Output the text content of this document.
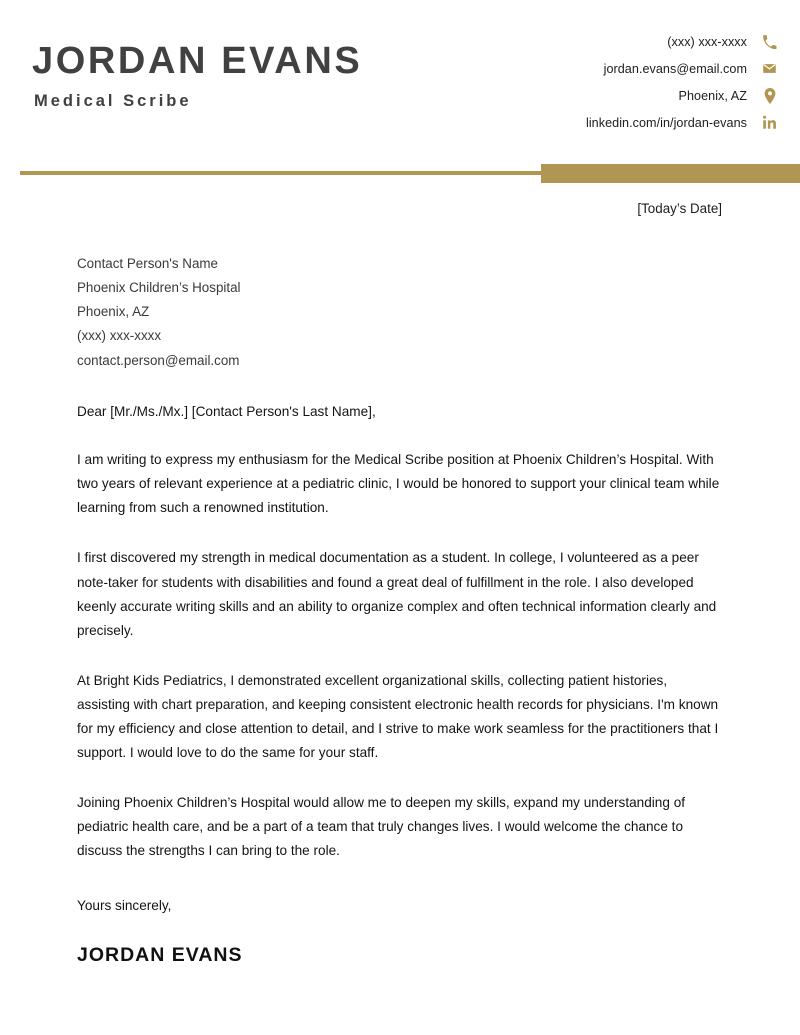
JORDAN EVANS
Medical Scribe
(xxx) xxx-xxxx
jordan.evans@email.com
Phoenix, AZ
linkedin.com/in/jordan-evans
[Today’s Date]
Contact Person's Name
Phoenix Children’s Hospital
Phoenix, AZ
(xxx) xxx-xxxx
contact.person@email.com
Dear [Mr./Ms./Mx.] [Contact Person's Last Name],

I am writing to express my enthusiasm for the Medical Scribe position at Phoenix Children’s Hospital. With two years of relevant experience at a pediatric clinic, I would be honored to support your clinical team while learning from such a renowned institution.

I first discovered my strength in medical documentation as a student. In college, I volunteered as a peer note-taker for students with disabilities and found a great deal of fulfillment in the role. I also developed keenly accurate writing skills and an ability to organize complex and often technical information clearly and precisely.

At Bright Kids Pediatrics, I demonstrated excellent organizational skills, collecting patient histories, assisting with chart preparation, and keeping consistent electronic health records for physicians. I'm known for my efficiency and close attention to detail, and I strive to make work seamless for the practitioners that I support. I would love to do the same for your staff.

Joining Phoenix Children’s Hospital would allow me to deepen my skills, expand my understanding of pediatric health care, and be a part of a team that truly changes lives. I would welcome the chance to discuss the strengths I can bring to the role.

Yours sincerely,
JORDAN EVANS
